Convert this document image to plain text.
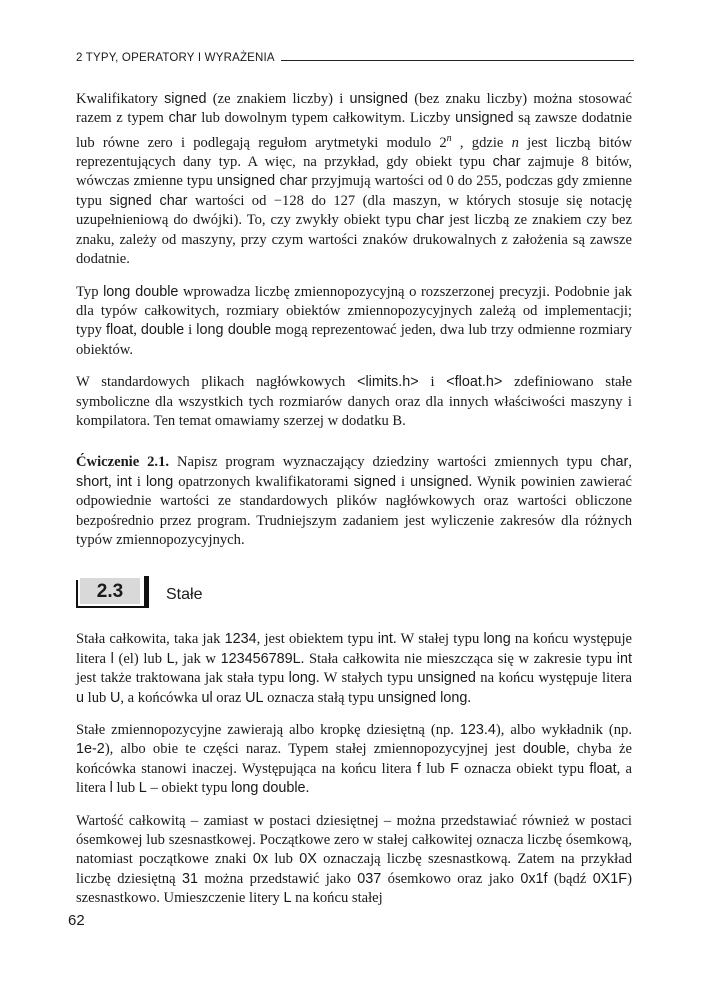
2 TYPY, OPERATORY I WYRAŻENIA

Kwalifikatory signed (ze znakiem liczby) i unsigned (bez znaku liczby) można stosować razem z typem char lub dowolnym typem całkowitym. Liczby unsigned są zawsze dodatnie lub równe zero i podlegają regułom arytmetyki modulo 2$^n$ , gdzie n jest liczbą bitów reprezentujących dany typ. A więc, na przykład, gdy obiekt typu char zajmuje 8 bitów, wówczas zmienne typu unsigned char przyjmują wartości od 0 do 255, podczas gdy zmienne typu signed char wartości od −128 do 127 (dla maszyn, w których stosuje się notację uzupełnieniową do dwójki). To, czy zwykły obiekt typu char jest liczbą ze znakiem czy bez znaku, zależy od maszyny, przy czym wartości znaków drukowalnych z założenia są zawsze dodatnie.

Typ long double wprowadza liczbę zmiennopozycyjną o rozszerzonej precyzji. Podobnie jak dla typów całkowitych, rozmiary obiektów zmiennopozycyjnych zależą od implementacji; typy float, double i long double mogą reprezentować jeden, dwa lub trzy odmienne rozmiary obiektów.

W standardowych plikach nagłówkowych <limits.h> i <float.h> zdefiniowano stałe symboliczne dla wszystkich tych rozmiarów danych oraz dla innych właściwości maszyny i kompilatora. Ten temat omawiamy szerzej w dodatku B.

Ćwiczenie 2.1. Napisz program wyznaczający dziedziny wartości zmiennych typu char, short, int i long opatrzonych kwalifikatorami signed i unsigned. Wynik powinien zawierać odpowiednie wartości ze standardowych plików nagłówkowych oraz wartości obliczone bezpośrednio przez program. Trudniejszym zadaniem jest wyliczenie zakresów dla różnych typów zmiennopozycyjnych.

2.3	Stałe

Stała całkowita, taka jak 1234, jest obiektem typu int. W stałej typu long na końcu występuje litera l (el) lub L, jak w 123456789L. Stała całkowita nie mieszcząca się w zakresie typu int jest także traktowana jak stała typu long. W stałych typu unsigned na końcu występuje litera u lub U, a końcówka ul oraz UL oznacza stałą typu unsigned long.

Stałe zmiennopozycyjne zawierają albo kropkę dziesiętną (np. 123.4), albo wykładnik (np. 1e-2), albo obie te części naraz. Typem stałej zmiennopozycyjnej jest double, chyba że końcówka stanowi inaczej. Występująca na końcu litera f lub F oznacza obiekt typu float, a litera l lub L – obiekt typu long double.

Wartość całkowitą – zamiast w postaci dziesiętnej – można przedstawiać również w postaci ósemkowej lub szesnastkowej. Początkowe zero w stałej całkowitej oznacza liczbę ósemkową, natomiast początkowe znaki 0x lub 0X oznaczają liczbę szesnastkową. Zatem na przykład liczbę dziesiętną 31 można przedstawić jako 037 ósemkowo oraz jako 0x1f (bądź 0X1F) szesnastkowo. Umieszczenie litery L na końcu stałej

62
